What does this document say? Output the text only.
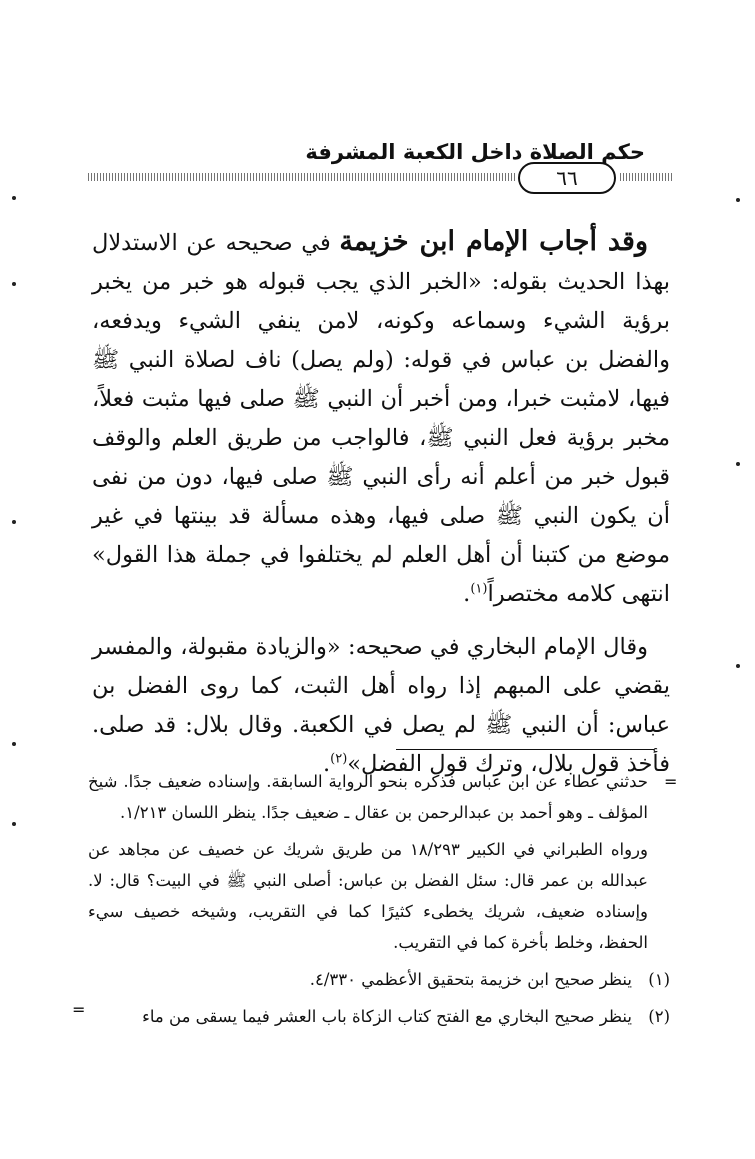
حكم الصلاة داخل الكعبة المشرفة
٦٦

وقد أجاب الإمام ابن خزيمة في صحيحه عن الاستدلال بهذا الحديث بقوله: «الخبر الذي يجب قبوله هو خبر من يخبر برؤية الشيء وسماعه وكونه، لامن ينفي الشيء ويدفعه، والفضل بن عباس في قوله: (ولم يصل) ناف لصلاة النبي ﷺ فيها، لامثبت خبرا، ومن أخبر أن النبي ﷺ صلى فيها مثبت فعلاً، مخبر برؤية فعل النبي ﷺ، فالواجب من طريق العلم والوقف قبول خبر من أعلم أنه رأى النبي ﷺ صلى فيها، دون من نفى أن يكون النبي ﷺ صلى فيها، وهذه مسألة قد بينتها في غير موضع من كتبنا أن أهل العلم لم يختلفوا في جملة هذا القول» انتهى كلامه مختصراً$^{(١)}$.

وقال الإمام البخاري في صحيحه: «والزيادة مقبولة، والمفسر يقضي على المبهم إذا رواه أهل الثبت، كما روى الفضل بن عباس: أن النبي ﷺ لم يصل في الكعبة. وقال بلال: قد صلى. فأخذ قول بلال، وترك قول الفضل»$^{(٢)}$.

=

حدثني عطاء عن ابن عباس فذكره بنحو الرواية السابقة. وإسناده ضعيف جدًا. شيخ المؤلف ـ وهو أحمد بن عبدالرحمن بن عقال ـ ضعيف جدًا. ينظر اللسان ١/٢١٣.

ورواه الطبراني في الكبير ١٨/٢٩٣ من طريق شريك عن خصيف عن مجاهد عن عبدالله بن عمر قال: سئل الفضل بن عباس: أصلى النبي ﷺ في البيت؟ قال: لا. وإسناده ضعيف، شريك يخطىء كثيرًا كما في التقريب، وشيخه خصيف سيء الحفظ، وخلط بأخرة كما في التقريب.

(١)
ينظر صحيح ابن خزيمة بتحقيق الأعظمي ٤/٣٣٠.
(٢)
ينظر صحيح البخاري مع الفتح كتاب الزكاة باب العشر فيما يسقى من ماء
=
